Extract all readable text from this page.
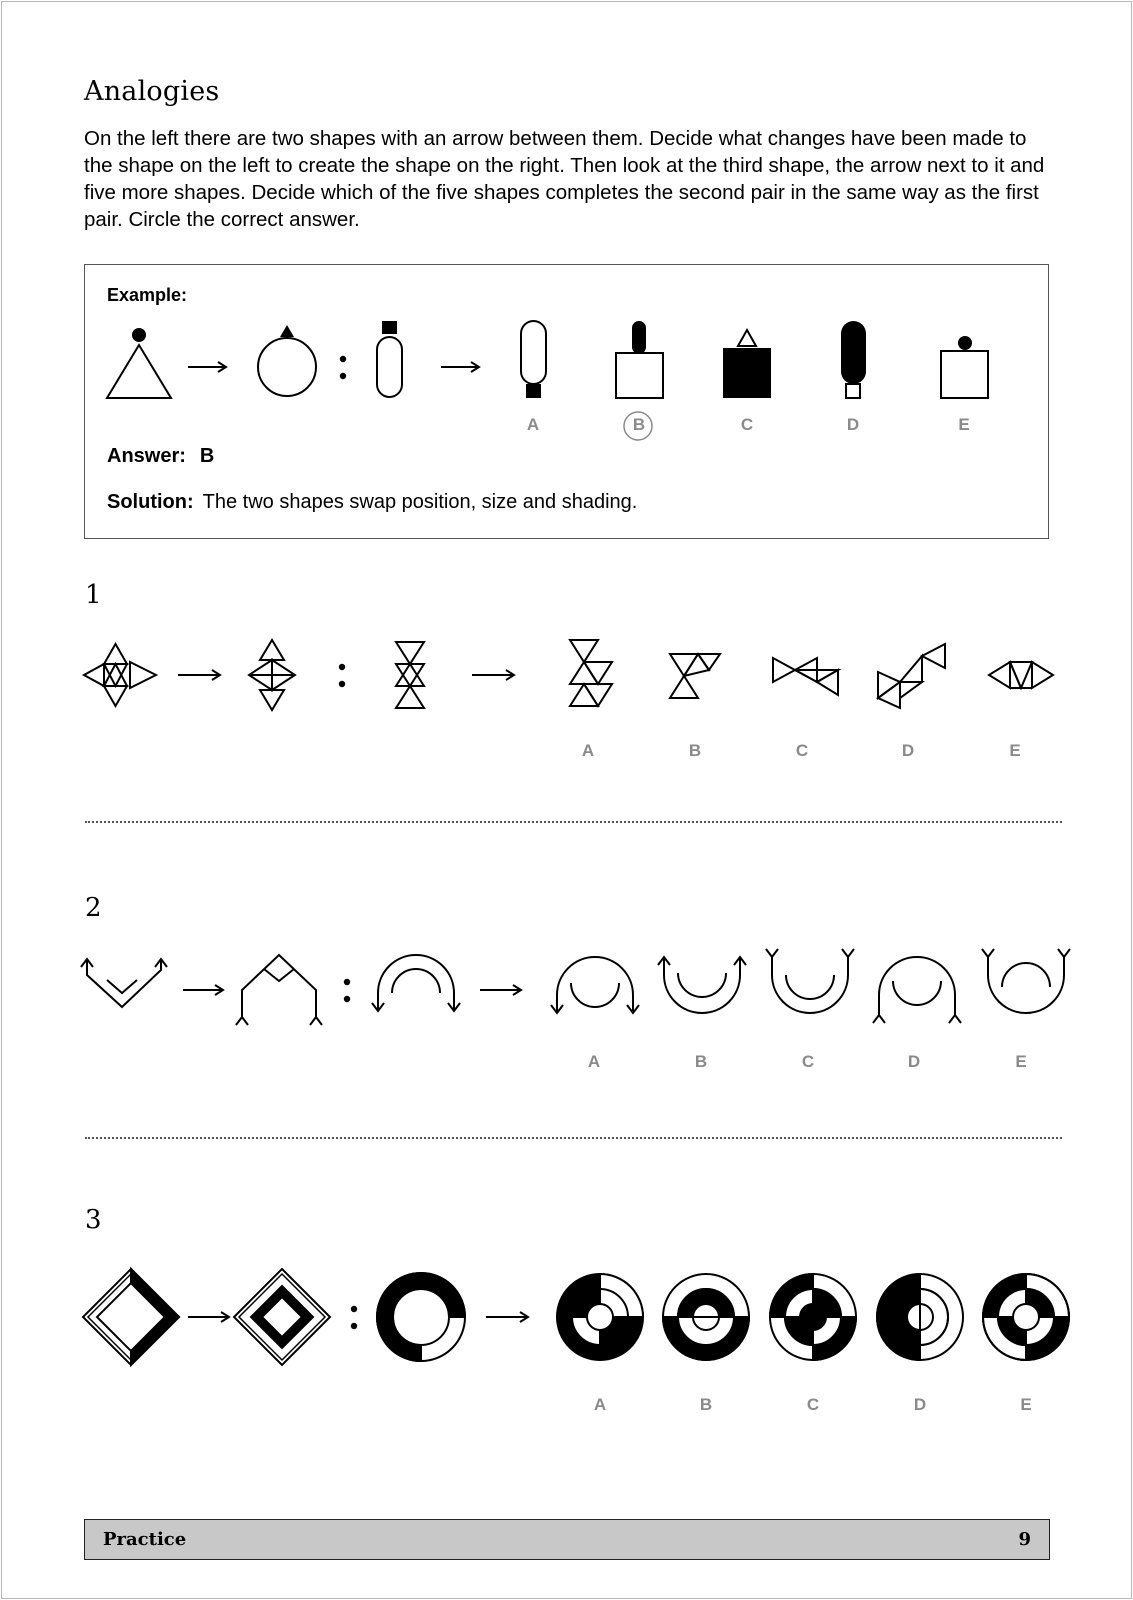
Analogies

On the left there are two shapes with an arrow between them. Decide what changes have been made to the shape on the left to create the shape on the right. Then look at the third shape, the arrow next to it and five more shapes. Decide which of the five shapes completes the second pair in the same way as the first pair. Circle the correct answer.

Example:
A	B	C	D	E
Answer: B
Solution: The two shapes swap position, size and shading.
1
A	B	C	D	E
2
A	B	C	D	E
3
A	B	C	D	E
Practice	9
